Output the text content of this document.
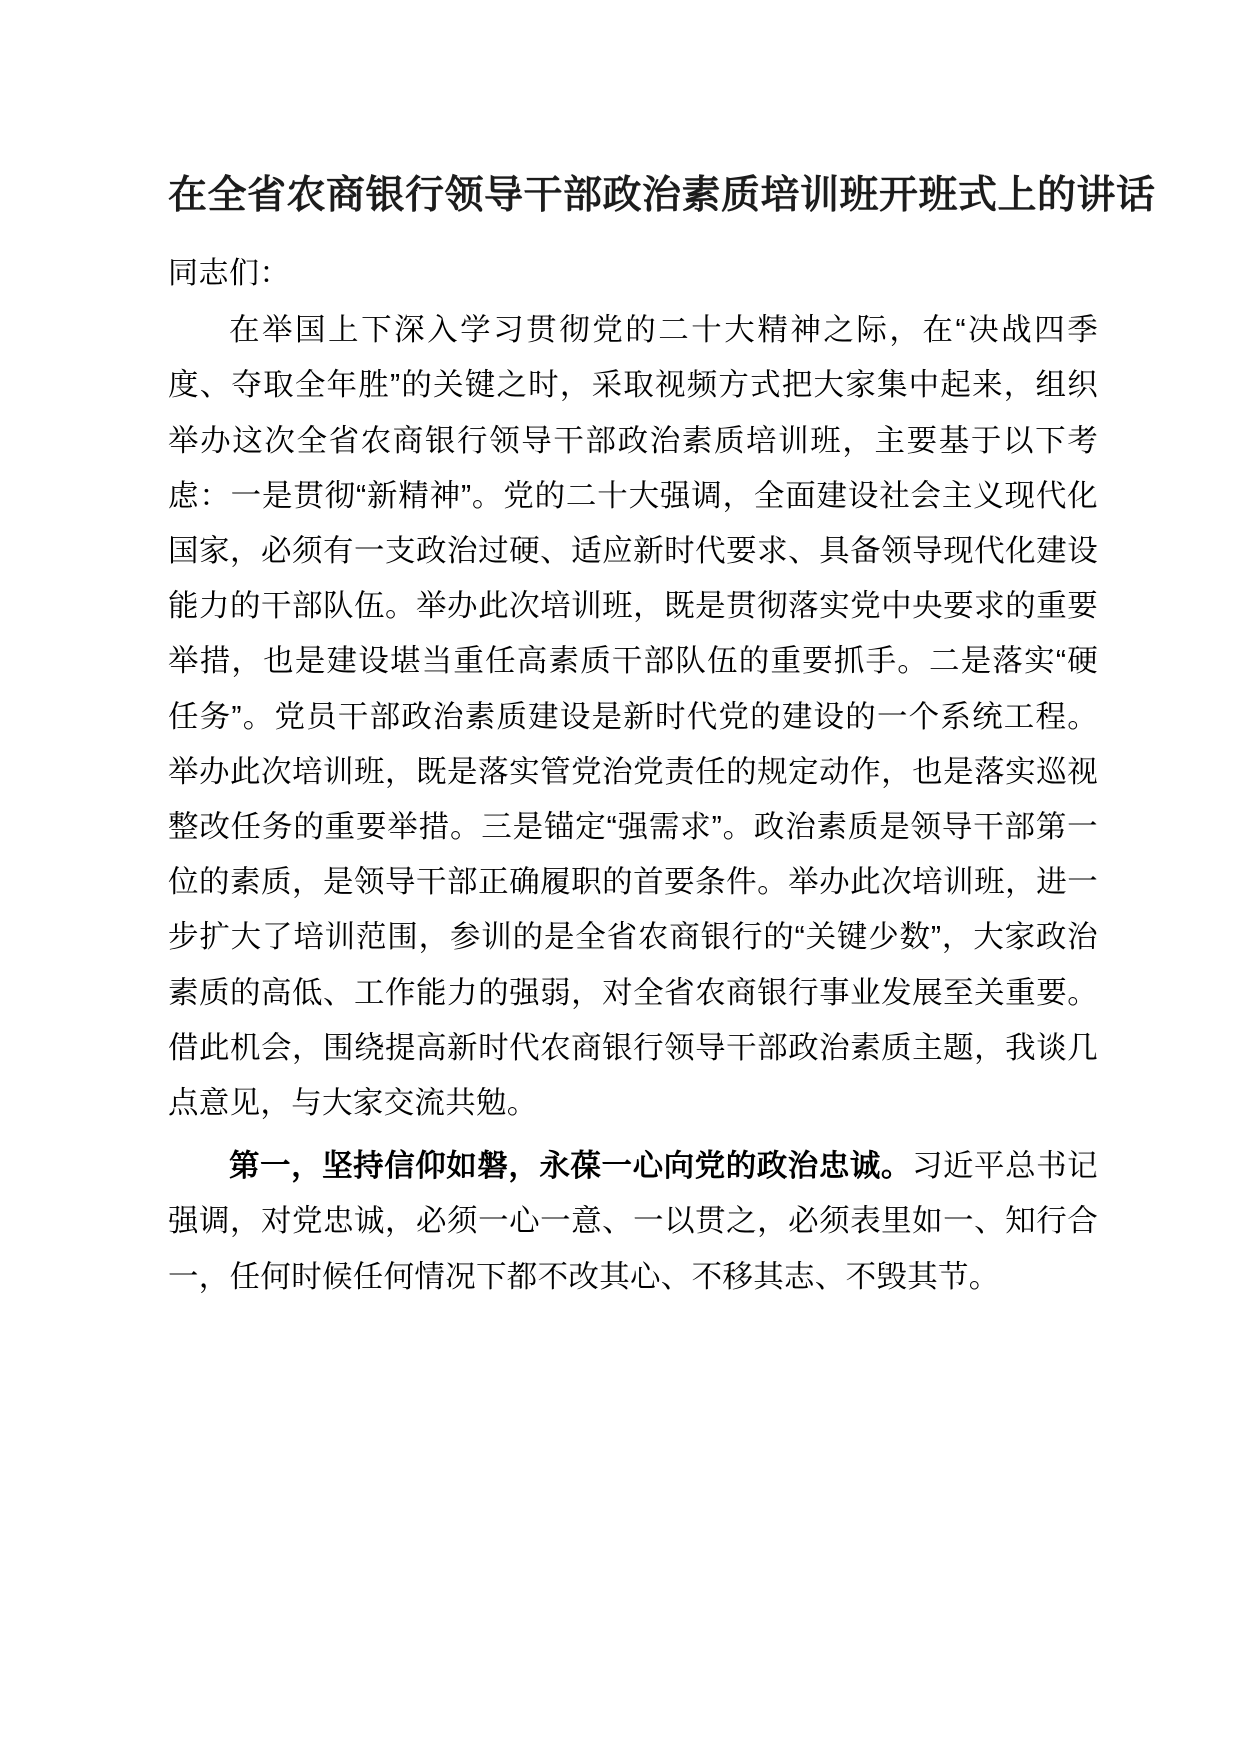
在全省农商银行领导干部政治素质培训班开班式上的讲话

同志们：

在举国上下深入学习贯彻党的二十大精神之际，在“决战四季度、夺取全年胜”的关键之时，采取视频方式把大家集中起来，组织举办这次全省农商银行领导干部政治素质培训班，主要基于以下考虑：一是贯彻“新精神”。党的二十大强调，全面建设社会主义现代化国家，必须有一支政治过硬、适应新时代要求、具备领导现代化建设能力的干部队伍。举办此次培训班，既是贯彻落实党中央要求的重要举措，也是建设堪当重任高素质干部队伍的重要抓手。二是落实“硬任务”。党员干部政治素质建设是新时代党的建设的一个系统工程。举办此次培训班，既是落实管党治党责任的规定动作，也是落实巡视整改任务的重要举措。三是锚定“强需求”。政治素质是领导干部第一位的素质，是领导干部正确履职的首要条件。举办此次培训班，进一步扩大了培训范围，参训的是全省农商银行的“关键少数”，大家政治素质的高低、工作能力的强弱，对全省农商银行事业发展至关重要。借此机会，围绕提高新时代农商银行领导干部政治素质主题，我谈几点意见，与大家交流共勉。

第一，坚持信仰如磐，永葆一心向党的政治忠诚。习近平总书记强调，对党忠诚，必须一心一意、一以贯之，必须表里如一、知行合一，任何时候任何情况下都不改其心、不移其志、不毁其节。
